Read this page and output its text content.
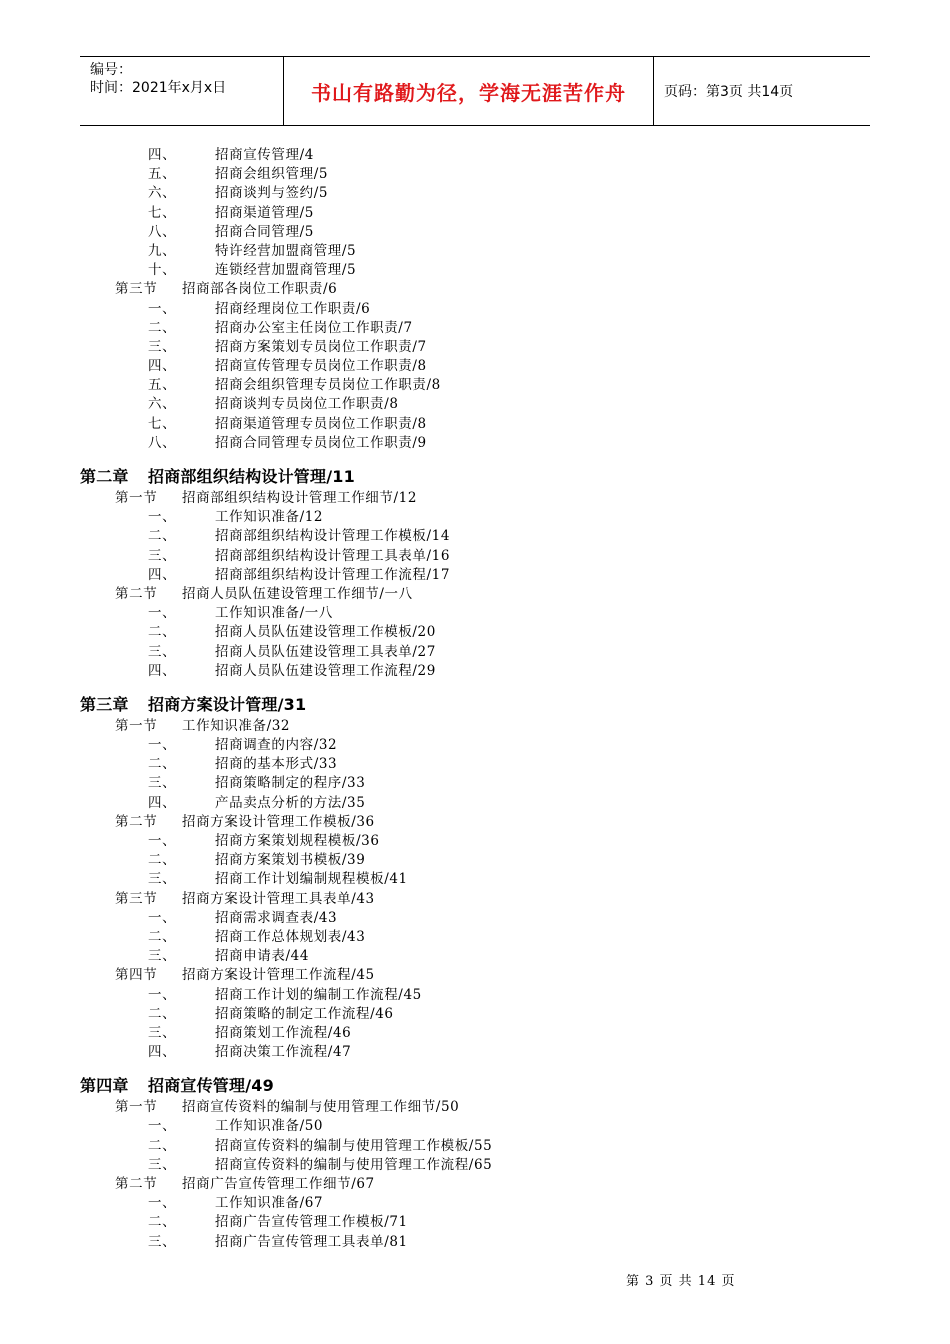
编号：
时间：2021年x月x日	书山有路勤为径，学海无涯苦作舟	页码：第3页 共14页
四、	招商宣传管理/4
五、	招商会组织管理/5
六、	招商谈判与签约/5
七、	招商渠道管理/5
八、	招商合同管理/5
九、	特许经营加盟商管理/5
十、	连锁经营加盟商管理/5
第三节 招商部各岗位工作职责/6
一、	招商经理岗位工作职责/6
二、	招商办公室主任岗位工作职责/7
三、	招商方案策划专员岗位工作职责/7
四、	招商宣传管理专员岗位工作职责/8
五、	招商会组织管理专员岗位工作职责/8
六、	招商谈判专员岗位工作职责/8
七、	招商渠道管理专员岗位工作职责/8
八、	招商合同管理专员岗位工作职责/9
第二章 招商部组织结构设计管理/11
第一节 招商部组织结构设计管理工作细节/12
一、	工作知识准备/12
二、	招商部组织结构设计管理工作模板/14
三、	招商部组织结构设计管理工具表单/16
四、	招商部组织结构设计管理工作流程/17
第二节 招商人员队伍建设管理工作细节/一八
一、	工作知识准备/一八
二、	招商人员队伍建设管理工作模板/20
三、	招商人员队伍建设管理工具表单/27
四、	招商人员队伍建设管理工作流程/29
第三章 招商方案设计管理/31
第一节 工作知识准备/32
一、	招商调查的内容/32
二、	招商的基本形式/33
三、	招商策略制定的程序/33
四、	产品卖点分析的方法/35
第二节 招商方案设计管理工作模板/36
一、	招商方案策划规程模板/36
二、	招商方案策划书模板/39
三、	招商工作计划编制规程模板/41
第三节 招商方案设计管理工具表单/43
一、	招商需求调查表/43
二、	招商工作总体规划表/43
三、	招商申请表/44
第四节 招商方案设计管理工作流程/45
一、	招商工作计划的编制工作流程/45
二、	招商策略的制定工作流程/46
三、	招商策划工作流程/46
四、	招商决策工作流程/47
第四章 招商宣传管理/49
第一节 招商宣传资料的编制与使用管理工作细节/50
一、	工作知识准备/50
二、	招商宣传资料的编制与使用管理工作模板/55
三、	招商宣传资料的编制与使用管理工作流程/65
第二节 招商广告宣传管理工作细节/67
一、	工作知识准备/67
二、	招商广告宣传管理工作模板/71
三、	招商广告宣传管理工具表单/81
第 3 页 共 14 页
